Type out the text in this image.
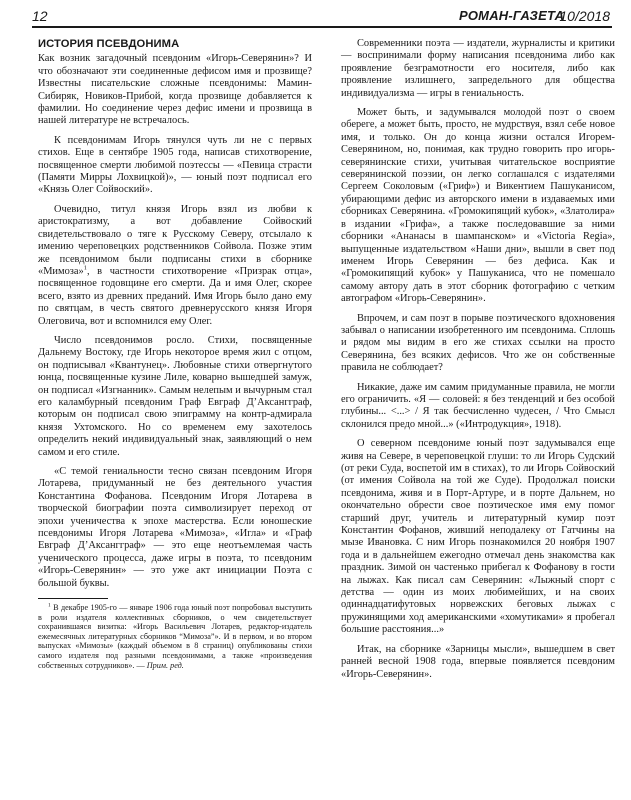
12	РОМАН-ГАЗЕТА
10/2018
ИСТОРИЯ ПСЕВДОНИМА

Как возник загадочный псевдоним «Игорь-Северянин»? И что обозначают эти соединенные дефисом имя и прозвище? Известны писательские сложные псевдонимы: Мамин-Сибиряк, Новиков-Прибой, когда прозвище добавляется к фамилии. Но соединение через дефис имени и прозвища в нашей литературе не встречалось.

К псевдонимам Игорь тянулся чуть ли не с первых стихов. Еще в сентябре 1905 года, написав стихотворение, посвященное смерти любимой поэтессы — «Певица страсти (Памяти Мирры Лохвицкой)», — юный поэт подписал его «Князь Олег Сойвоский».

Очевидно, титул князя Игорь взял из любви к аристократизму, а вот добавление Сойвоский свидетельствовало о тяге к Русскому Северу, отсылало к имению череповецких родственников Сойвола. Позже этим же псевдонимом были подписаны стихи в сборнике «Мимоза»$^1$, в частности стихотворение «Призрак отца», посвященное годовщине его смерти. Да и имя Олег, скорее всего, взято из древних преданий. Имя Игорь было дано ему по святцам, в честь святого древнерусского князя Игоря Олеговича, вот и вспомнился ему Олег.

Число псевдонимов росло. Стихи, посвященные Дальнему Востоку, где Игорь некоторое время жил с отцом, он подписывал «Квантунец». Любовные стихи отвергнутого юнца, посвященные кузине Лиле, коварно вышедшей замуж, он подписал «Изгнанник». Самым нелепым и вычурным стал его каламбурный псевдоним Граф Евграф Д’Аксангграф, которым он подписал свою эпиграмму на контр-адмирала князя Ухтомского. Но со временем ему захотелось определить некий индивидуальный знак, заявляющий о нем самом и его стиле.

«С темой гениальности тесно связан псевдоним Игоря Лотарева, придуманный не без деятельного участия Константина Фофанова. Псевдоним Игоря Лотарева в творческой биографии поэта символизирует переход от эпохи ученичества к эпохе мастерства. Если юношеские псевдонимы Игоря Лотарева «Мимоза», «Игла» и «Граф Евграф Д’Аксангграф» — это еще неотъемлемая часть ученического процесса, даже игры в поэта, то псевдоним «Игорь-Северянин» — это уже акт инициации Поэта с большой буквы.

$^1$ В декабре 1905-го — январе 1906 года юный поэт попробовал выступить в роли издателя коллективных сборников, о чем свидетельствует сохранившаяся визитка: «Игорь Васильевич Лотарев, редактор-издатель ежемесячных литературных сборников “Мимоза”». И в первом, и во втором выпусках «Мимозы» (каждый объемом в 8 страниц) опубликованы стихи самого издателя под разными псевдонимами, а также «произведения собственных сотрудников». — Прим. ред.

Современники поэта — издатели, журналисты и критики — воспринимали форму написания псевдонима либо как проявление безграмотности его носителя, либо как проявление излишнего, запредельного для общества индивидуализма — игры в гениальность.

Может быть, и задумывался молодой поэт о своем обереге, а может быть, просто, не мудрствуя, взял себе новое имя, и только. Он до конца жизни остался Игорем-Северянином, но, понимая, как трудно говорить про игорь-северянинские стихи, учитывая читательское восприятие северянинской поэзии, он легко соглашался с издателями Сергеем Соколовым («Гриф») и Викентием Пашуканисом, убирающими дефис из авторского имени в издаваемых ими сборниках Северянина. «Громокипящий кубок», «Златолира» в издании «Грифа», а также последовавшие за ними сборники «Ананасы в шампанском» и «Victoria Regia», выпущенные издательством «Наши дни», вышли в свет под именем Игорь Северянин — без дефиса. Как и «Громокипящий кубок» у Пашуканиса, что не помешало самому автору дать в этот сборник фотографию с четким автографом «Игорь-Северянин».

Впрочем, и сам поэт в порыве поэтического вдохновения забывал о написании изобретенного им псевдонима. Сплошь и рядом мы видим в его же стихах ссылки на просто Северянина, без всяких дефисов. Что же он собственные правила не соблюдает?

Никакие, даже им самим придуманные правила, не могли его ограничить. «Я — соловей: я без тенденций и без особой глубины... <...> / Я так бесчисленно чудесен, / Что Смысл склонился предо мной...» («Интродукция», 1918).

О северном псевдониме юный поэт задумывался еще живя на Севере, в череповецкой глуши: то ли Игорь Судский (от реки Суда, воспетой им в стихах), то ли Игорь Сойвоский (от имения Сойвола на той же Суде). Продолжал поиски псевдонима, живя и в Порт-Артуре, и в порте Дальнем, но окончательно обрести свое поэтическое имя ему помог старший друг, учитель и литературный кумир поэт Константин Фофанов, живший неподалеку от Гатчины на мызе Ивановка. С ним Игорь познакомился 20 ноября 1907 года и в дальнейшем ежегодно отмечал день знакомства как праздник. Зимой он частенько прибегал к Фофанову в гости на лыжах. Как писал сам Северянин: «Лыжный спорт с детства — один из моих любимейших, и на своих одиннадцатифутовых норвежских беговых лыжах с пружинящими ход американскими «хомутиками» я пробегал большие расстояния...»

Итак, на сборнике «Зарницы мысли», вышедшем в свет ранней весной 1908 года, впервые появляется псевдоним «Игорь-Северянин».
